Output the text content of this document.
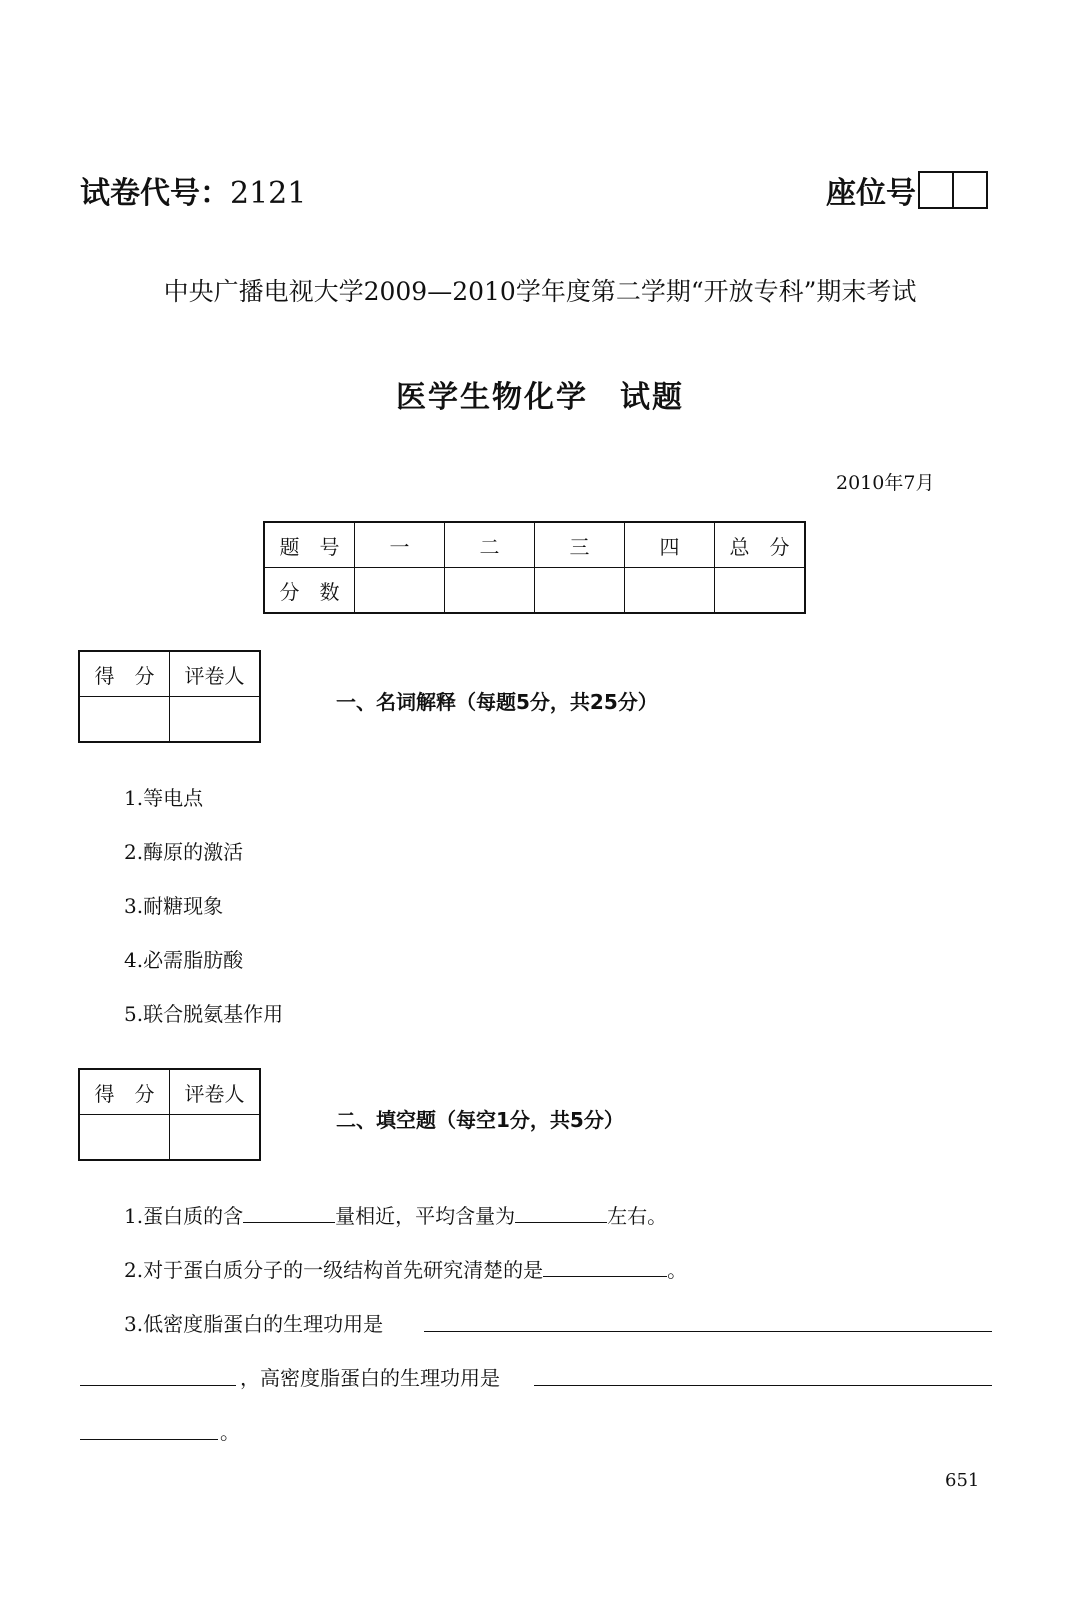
试卷代号：2121	座位号
中央广播电视大学2009—2010学年度第二学期“开放专科”期末考试
医学生物化学　试题
2010年7月
题　号	一	二	三	四	总　分
分　数					
得　分	评卷人

一、名词解释（每题5分，共25分）
1.等电点
2.酶原的激活
3.耐糖现象
4.必需脂肪酸
5.联合脱氨基作用
得　分	评卷人

二、填空题（每空1分，共5分）
1.蛋白质的含	量相近，平均含量为	左右。
2.对于蛋白质分子的一级结构首先研究清楚的是	。
3.低密度脂蛋白的生理功用是
，高密度脂蛋白的生理功用是
。
651
